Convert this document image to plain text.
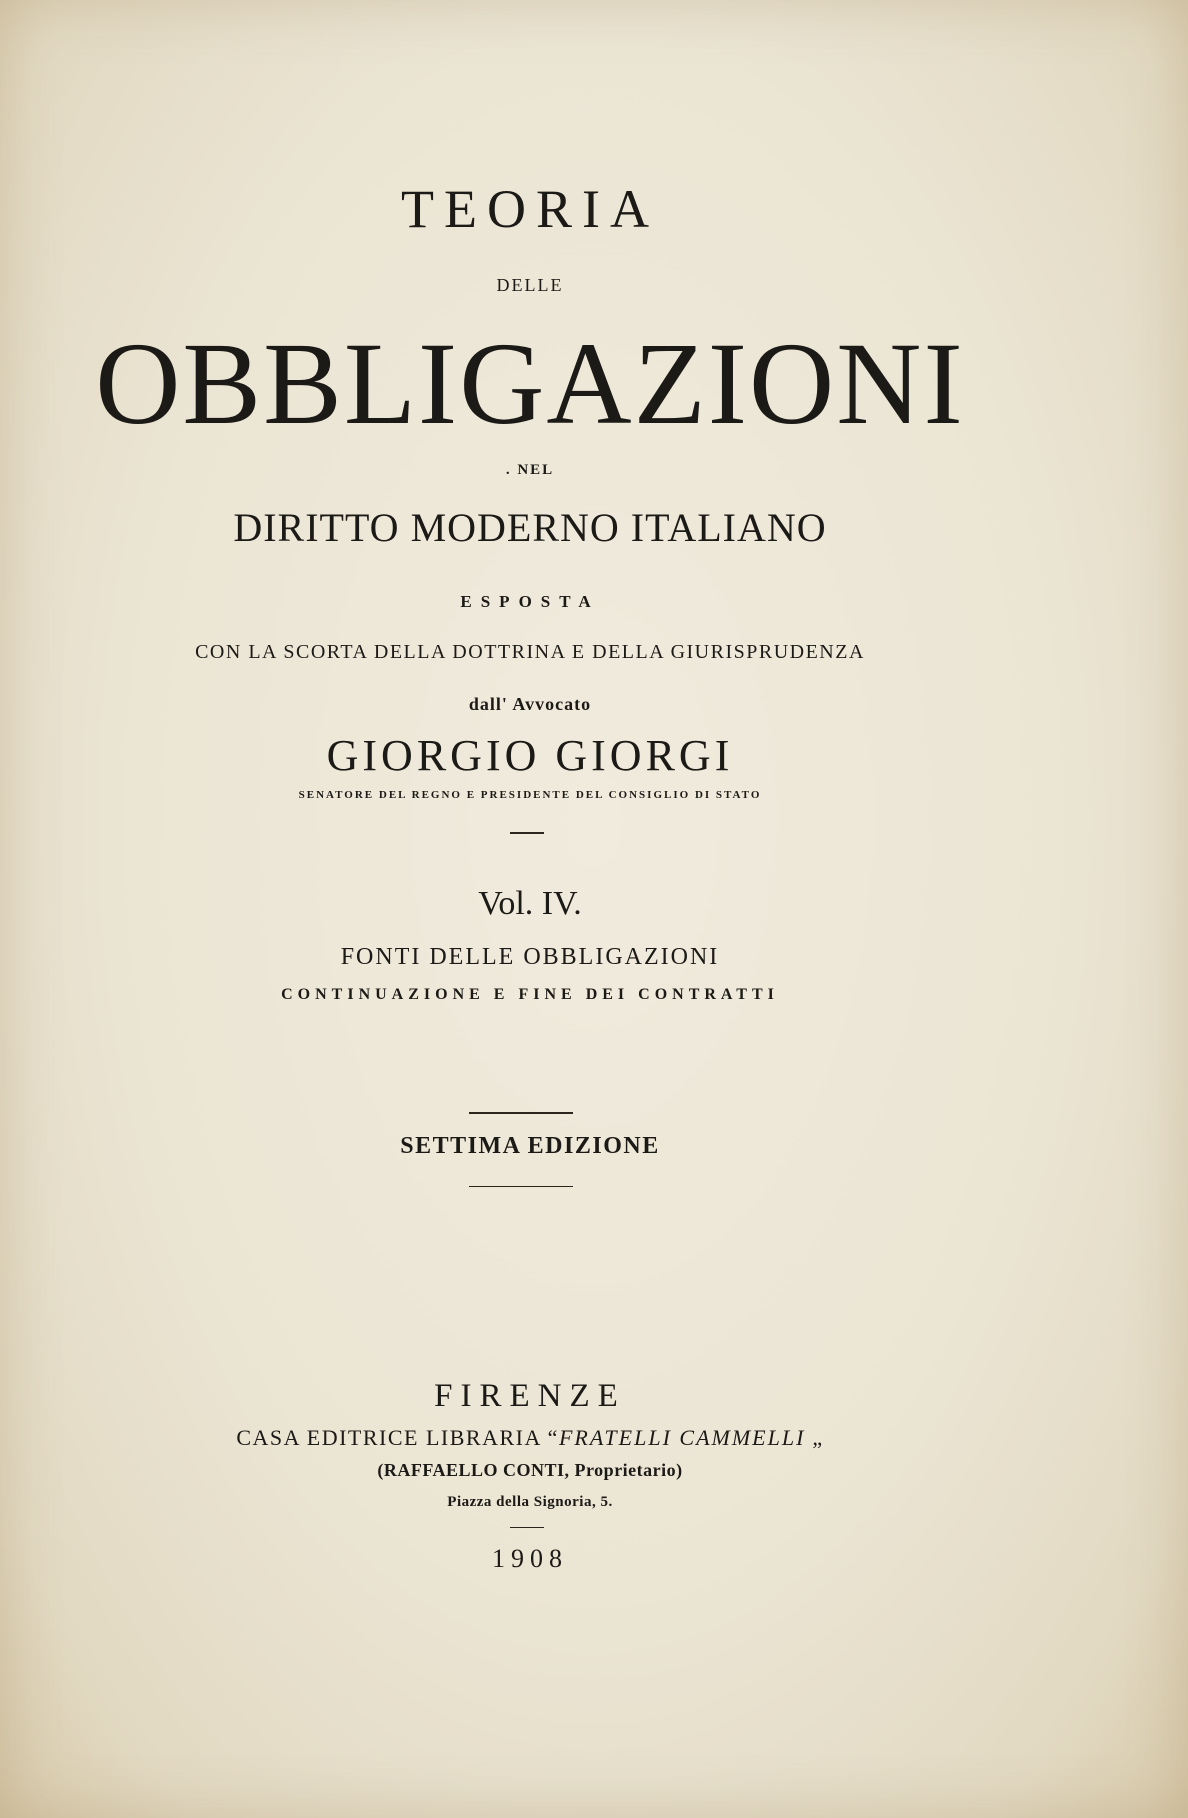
TEORIA
DELLE
OBBLIGAZIONI
. NEL
DIRITTO MODERNO ITALIANO
ESPOSTA
CON LA SCORTA DELLA DOTTRINA E DELLA GIURISPRUDENZA
dall' Avvocato
GIORGIO GIORGI
SENATORE DEL REGNO E PRESIDENTE DEL CONSIGLIO DI STATO
Vol. IV.
FONTI DELLE OBBLIGAZIONI
CONTINUAZIONE E FINE DEI CONTRATTI
SETTIMA EDIZIONE
FIRENZE
CASA EDITRICE LIBRARIA “FRATELLI CAMMELLI „
(RAFFAELLO CONTI, Proprietario)
Piazza della Signoria, 5.
1908
